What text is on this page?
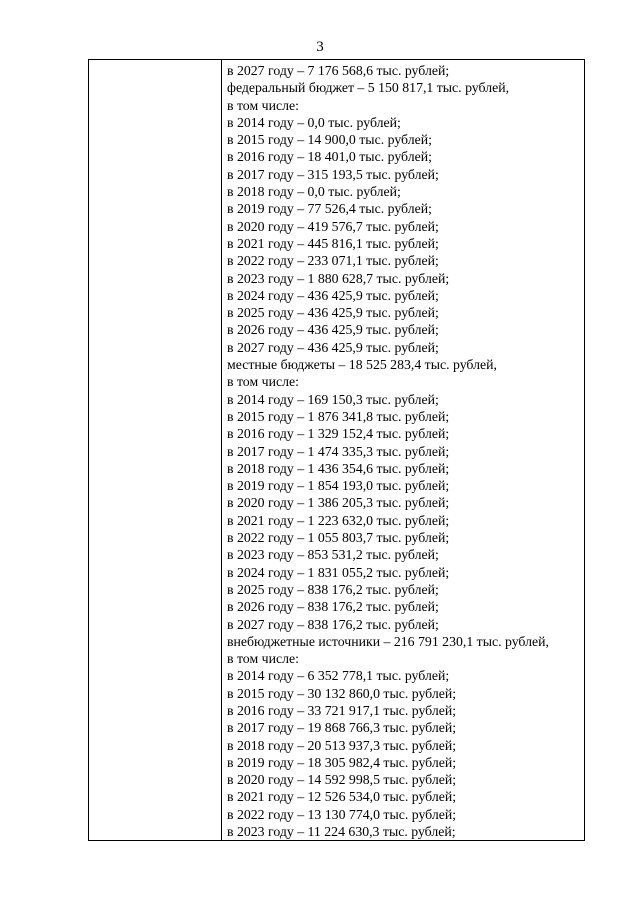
3
в 2027 году – 7 176 568,6 тыс. рублей;
федеральный бюджет – 5 150 817,1 тыс. рублей,
в том числе:
в 2014 году – 0,0 тыс. рублей;
в 2015 году – 14 900,0 тыс. рублей;
в 2016 году – 18 401,0 тыс. рублей;
в 2017 году – 315 193,5 тыс. рублей;
в 2018 году – 0,0 тыс. рублей;
в 2019 году – 77 526,4 тыс. рублей;
в 2020 году – 419 576,7 тыс. рублей;
в 2021 году – 445 816,1 тыс. рублей;
в 2022 году – 233 071,1 тыс. рублей;
в 2023 году – 1 880 628,7 тыс. рублей;
в 2024 году – 436 425,9 тыс. рублей;
в 2025 году – 436 425,9 тыс. рублей;
в 2026 году – 436 425,9 тыс. рублей;
в 2027 году – 436 425,9 тыс. рублей;
местные бюджеты – 18 525 283,4 тыс. рублей,
в том числе:
в 2014 году – 169 150,3 тыс. рублей;
в 2015 году – 1 876 341,8 тыс. рублей;
в 2016 году – 1 329 152,4 тыс. рублей;
в 2017 году – 1 474 335,3 тыс. рублей;
в 2018 году – 1 436 354,6 тыс. рублей;
в 2019 году – 1 854 193,0 тыс. рублей;
в 2020 году – 1 386 205,3 тыс. рублей;
в 2021 году – 1 223 632,0 тыс. рублей;
в 2022 году – 1 055 803,7 тыс. рублей;
в 2023 году – 853 531,2 тыс. рублей;
в 2024 году – 1 831 055,2 тыс. рублей;
в 2025 году – 838 176,2 тыс. рублей;
в 2026 году – 838 176,2 тыс. рублей;
в 2027 году – 838 176,2 тыс. рублей;
внебюджетные источники – 216 791 230,1 тыс. рублей,
в том числе:
в 2014 году – 6 352 778,1 тыс. рублей;
в 2015 году – 30 132 860,0 тыс. рублей;
в 2016 году – 33 721 917,1 тыс. рублей;
в 2017 году – 19 868 766,3 тыс. рублей;
в 2018 году – 20 513 937,3 тыс. рублей;
в 2019 году – 18 305 982,4 тыс. рублей;
в 2020 году – 14 592 998,5 тыс. рублей;
в 2021 году – 12 526 534,0 тыс. рублей;
в 2022 году – 13 130 774,0 тыс. рублей;
в 2023 году – 11 224 630,3 тыс. рублей;
